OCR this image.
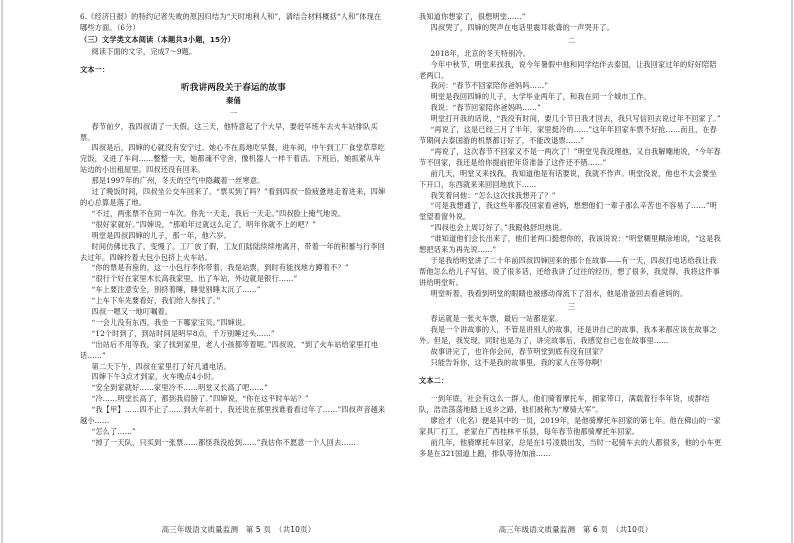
6.《经济日报》的特约记者失败的原因归结为“天时地利人和”，请结合材料概括“人和”体现在哪些方面。（6分）

（三）文学类文本阅读（本题共3小题，15分）

阅读下面的文字，完成7～9题。

文本一：

听我讲两段关于春运的故事

秦俑

一

春节前夕，我四叔请了一天假。这三天，他特意起了个大早，要赶早班车去火车站排队买票。

四叔是后，四婶的心就没有安宁过。她心不在焉地吃早餐，进车间，中午到工厂食堂草草吃完饭，又进了车间……整整一天，她都魂不守舍，像机器人一样干着活。下班后，她抓紧从车站边的小出租屋里。四叔还没有回来。

那是1997年的广州，冬天的空气中隐藏着一丝寒意。

过了晚饭时间，四叔坐公交车回来了。“票买到了吗？”看到四叔一脸疲惫地走着进来，四婶的心总算是落了地。

“不过，两张票不在同一车次。你先一天走，我后一天走。”四叔脸上掩气地说。

“很好家就好。”四婶说，“那咱年过就这么定了，明年你就不上的吧？”

明堂是四叔四婶的儿子，那一年，他六岁。

时间仿佛比我了，变慢了。工厂放了假，工友们陆陆续续地离开，带着一年的积蓄与行李回去过年。四婶拎着大包小包挤上火车站。

“你的票是有座的，这一小包行李你带着，我是站票，到时有能找地方蹲着不？”

“很行个好在家里木长高我家里，出了车站，外边就是银行……”

“车上要注意安全，别挤着睡，睡觉别睡太沉了……”

“上车下车先要看好，我们给人参找了。”

四叔一嗯又一地叮嘱着。

“一会儿没有东西，我坐一下哪家宝贝。”四婶说。

“12个时到了，到站时间是明早8点，千万别睡过头……”

“出站后不用等我，家了找到家里，老人小孩都等着呢。”四叔说，“到了火车站给家里打电话……”

第二天下午，四叔在家里打了好几通电话。

四婶下午3点才到家，火车晚点4小时。

“安全到家就好……家里冷不……明堂又长高了吧……”

“冷……明堂长高了，都到我肩膀了。”四婶说，“你在这平时车站？”

“我【甲】……四不止了……到大年初十，我还说在那里找谁看看过年了……”四叔声音越来越小……

“怎么了……”

“掉了一天队，只买到一张票……都怪我没抢到……”我估你不愿意一个人回去……

高三年级语文质量监测　第 5 页　（共10页）

我知道你想家了，很想明堂……”

四叔哭了，四婶的哭声在电话里震耳欲聋的一声哭开了。

二

2018年，北京的冬天特别冷。

今年中秋节，明堂来找我，说今年暑假中他和同学结伴去泰国，让我回家过年的好好陪陪老两口。

我问：“春节不回家陪你爸妈吗……”

明堂是我回四婶的儿子，大学毕业两年了，和我在同一个城市工作。

我说：“春节回家陪你爸妈吗……”

明堂打开我的话说，“我没有时间，要几个节日我才回去，我只写信回去说过年不回家了。”

“再说了，这是已经三月了半年，家里挺冷的……”这年年回家车票不好抢……而且，在春节期间去泰国游的机票都订好了，不能改退票……”

“再说了，这次春节不回家又不是一两次了！”明堂见我没理他，又自我解嘲地说，“今年春节不回家，我还是给你提前把年货准备了这件还不错……”

前几天，明堂又来找我，我知道他是有话要说，我就不作声。明堂没说，他也不太会要坐下开口，东西就来来回回地放下……

我笑着问他：“怎么这次找我想开了？”

“可是我想通了，我这些年都没回家看爸妈，想想他们一辈子那么辛苦也不容易了……”明堂望着窗外说。

“四叔也会上周订好了。”我跟他舒坦地说。

“谁知道他们会长出来了，他们老两口挺想你的，我该说说：“明堂糊里糊涂地说，“这是我想把话来为再先说……”

于是我给明堂讲了二十年前四叔四婶回来的那个在故事——有一天，四叔打电话给我让我帮他怎么给儿子写信，说了很多话，还给我讲了过往的经历，想了很多，我觉得，我将这件事讲给明堂听。

明堂听着，我看到明堂的眼睛也被感动得流下了泪水，他是准备回去看爸妈的。

三

春运就是一张火车票，最后一站都是家。

我是一个讲故事的人，不管是讲别人的故事，还是讲自己的故事，我本来都应该在故事之外。但是，我发现，同时也是为了，讲完故事后，我感觉自己也在故事里……

故事讲完了，也许你会问，春节明堂到底有没有回家？

只能告诉你，这不是我的故事里，我的家人在等你啊！

文本二：

一到年底，社会有这么一群人，他们骑着摩托车，拥家带口，满载着行李年货，成群结队，浩浩荡荡地踏上返乡之路，他们被称为“摩骑大军”。

廖治才（化名）便是其中的一员，2019年，是他骑摩托车回家的第七年。他在佛山的一家家具厂打工，老家在广西桂林平乐县，每年春节他都骑摩托车回家。

前几年，他骑摩托车回家，总是在1号凌晨出发，当时一起骑车去的人都很多，他的小车更多是在321国道上跑，排队等待加油……

高三年级语文质量监测　第 6 页　（共10页）
